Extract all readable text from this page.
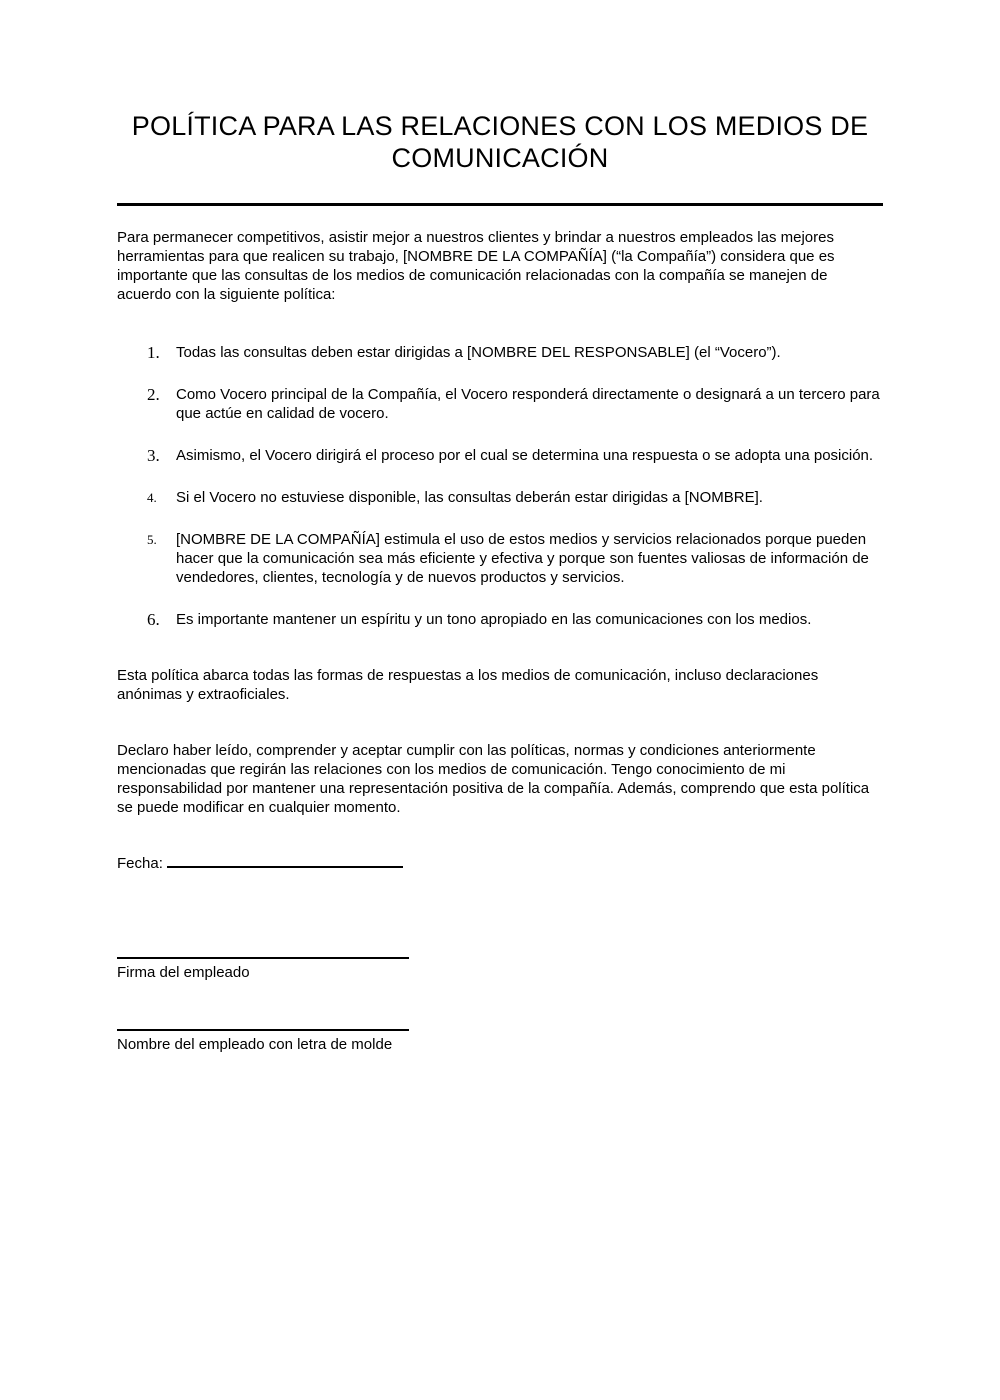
POLÍTICA PARA LAS RELACIONES CON LOS MEDIOS DE COMUNICACIÓN

Para permanecer competitivos, asistir mejor a nuestros clientes y brindar a nuestros empleados las mejores herramientas para que realicen su trabajo, [NOMBRE DE LA COMPAÑÍA] (“la Compañía”) considera que es importante que las consultas de los medios de comunicación relacionadas con la compañía se manejen de acuerdo con la siguiente política:

1.	Todas las consultas deben estar dirigidas a [NOMBRE DEL RESPONSABLE] (el “Vocero”).
2.	Como Vocero principal de la Compañía, el Vocero responderá directamente o designará a un tercero para que actúe en calidad de vocero.
3.	Asimismo, el Vocero dirigirá el proceso por el cual se determina una respuesta o se adopta una posición.
4.	Si el Vocero no estuviese disponible, las consultas deberán estar dirigidas a [NOMBRE].
5.	[NOMBRE DE LA COMPAÑÍA] estimula el uso de estos medios y servicios relacionados porque pueden hacer que la comunicación sea más eficiente y efectiva y porque son fuentes valiosas de información de vendedores, clientes, tecnología y de nuevos productos y servicios.
6.	Es importante mantener un espíritu y un tono apropiado en las comunicaciones con los medios.

Esta política abarca todas las formas de respuestas a los medios de comunicación, incluso declaraciones anónimas y extraoficiales.

Declaro haber leído, comprender y aceptar cumplir con las políticas, normas y condiciones anteriormente mencionadas que regirán las relaciones con los medios de comunicación. Tengo conocimiento de mi responsabilidad por mantener una representación positiva de la compañía. Además, comprendo que esta política se puede modificar en cualquier momento.

Fecha:
Firma del empleado
Nombre del empleado con letra de molde
